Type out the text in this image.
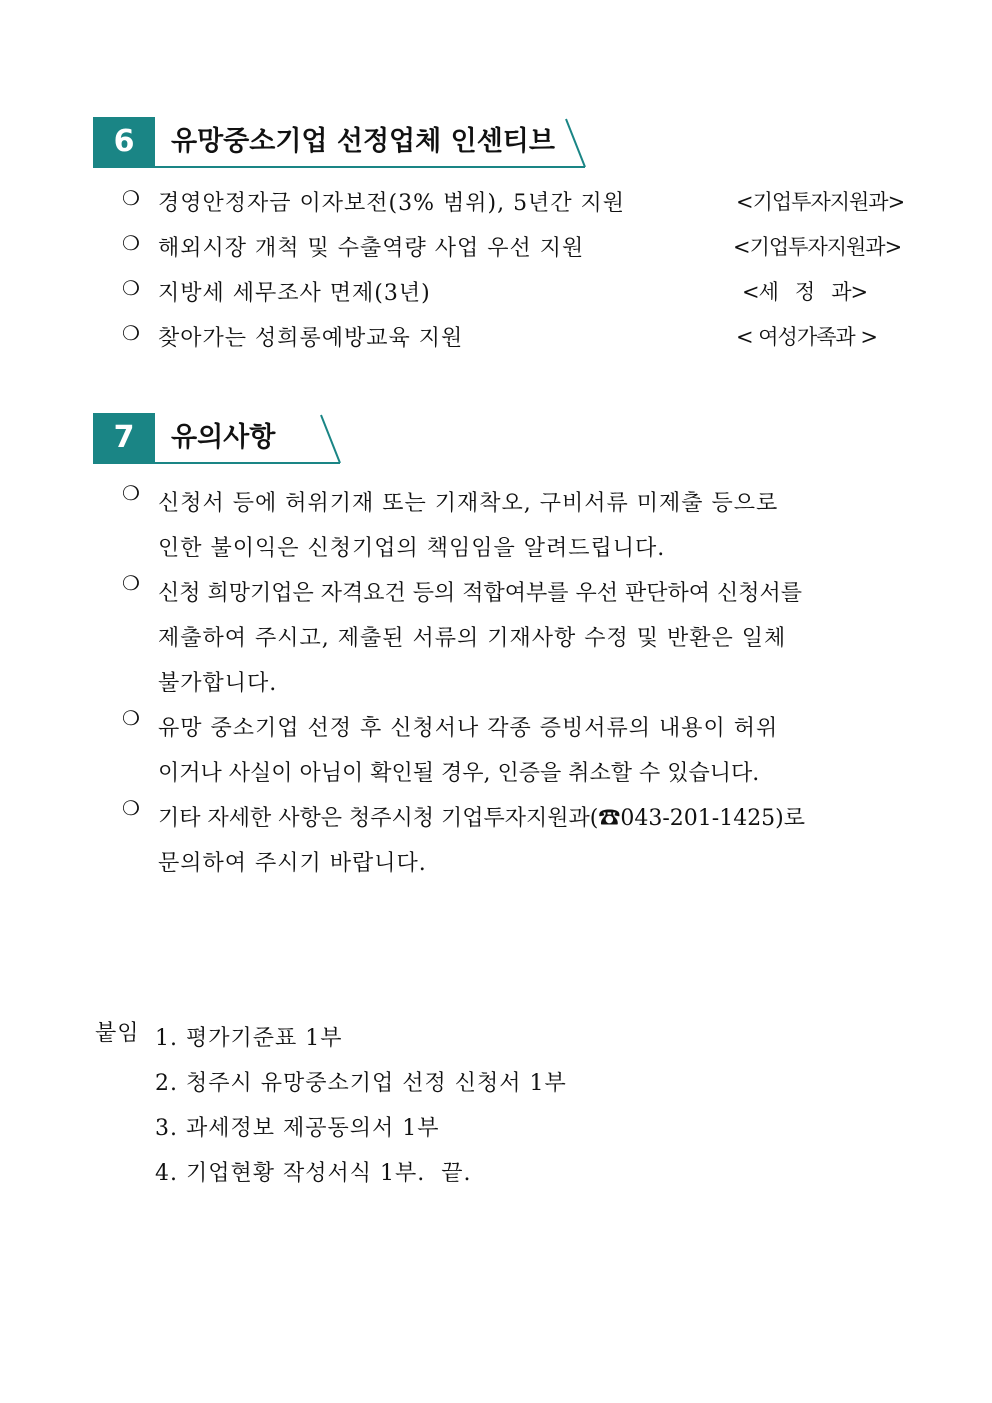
6	유망중소기업 선정업체 인센티브
❍ 경영안정자금 이자보전(3% 범위), 5년간 지원	<기업투자지원과>
❍ 해외시장 개척 및 수출역량 사업 우선 지원	<기업투자지원과>
❍ 지방세 세무조사 면제(3년)	<세   정   과>
❍ 찾아가는 성희롱예방교육 지원	< 여성가족과 >
7	유의사항
❍ 신청서 등에 허위기재 또는 기재착오, 구비서류 미제출 등으로
인한 불이익은 신청기업의 책임임을 알려드립니다.
❍ 신청 희망기업은 자격요건 등의 적합여부를 우선 판단하여 신청서를
제출하여 주시고, 제출된 서류의 기재사항 수정 및 반환은 일체
불가합니다.
❍ 유망 중소기업 선정 후 신청서나 각종 증빙서류의 내용이 허위
이거나 사실이 아님이 확인될 경우, 인증을 취소할 수 있습니다.
❍ 기타 자세한 사항은 청주시청 기업투자지원과(☎043-201-1425)로
문의하여 주시기 바랍니다.
붙임 1. 평가기준표 1부
2. 청주시 유망중소기업 선정 신청서 1부
3. 과세정보 제공동의서 1부
4. 기업현황 작성서식 1부.  끝.
